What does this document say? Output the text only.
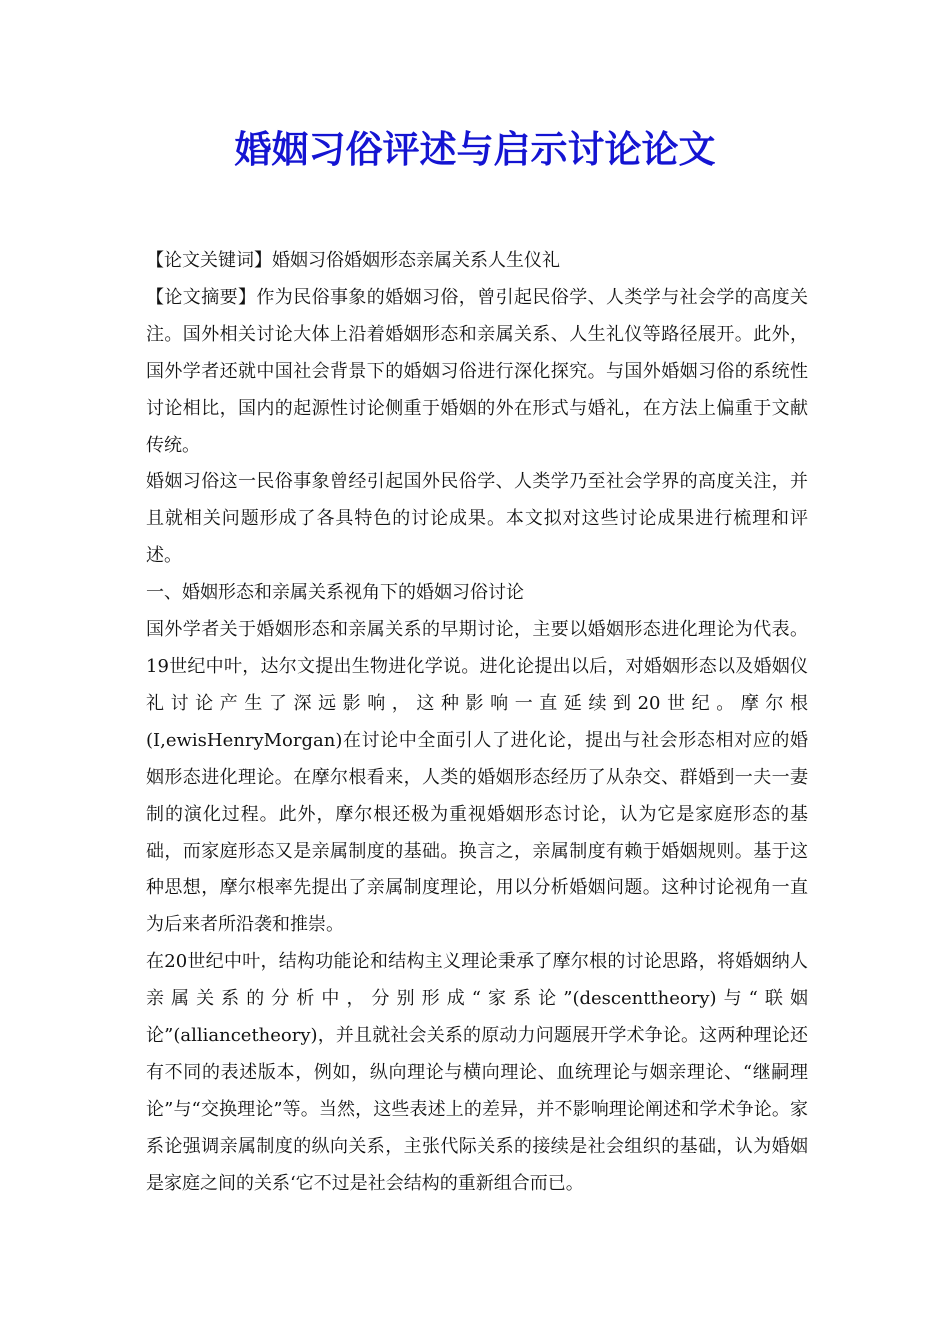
婚姻习俗评述与启示讨论论文

【论文关键词】婚姻习俗婚姻形态亲属关系人生仪礼

【论文摘要】作为民俗事象的婚姻习俗，曾引起民俗学、人类学与社会学的高度关注。国外相关讨论大体上沿着婚姻形态和亲属关系、人生礼仪等路径展开。此外，国外学者还就中国社会背景下的婚姻习俗进行深化探究。与国外婚姻习俗的系统性讨论相比，国内的起源性讨论侧重于婚姻的外在形式与婚礼，在方法上偏重于文献传统。

婚姻习俗这一民俗事象曾经引起国外民俗学、人类学乃至社会学界的高度关注，并且就相关问题形成了各具特色的讨论成果。本文拟对这些讨论成果进行梳理和评述。

一、婚姻形态和亲属关系视角下的婚姻习俗讨论

国外学者关于婚姻形态和亲属关系的早期讨论，主要以婚姻形态进化理论为代表。19世纪中叶，达尔文提出生物进化学说。进化论提出以后，对婚姻形态以及婚姻仪礼讨论产生了深远影响，这种影响一直延续到20世纪。摩尔根(I,ewisHenryMorgan)在讨论中全面引人了进化论，提出与社会形态相对应的婚姻形态进化理论。在摩尔根看来，人类的婚姻形态经历了从杂交、群婚到一夫一妻制的演化过程。此外，摩尔根还极为重视婚姻形态讨论，认为它是家庭形态的基础，而家庭形态又是亲属制度的基础。换言之，亲属制度有赖于婚姻规则。基于这种思想，摩尔根率先提出了亲属制度理论，用以分析婚姻问题。这种讨论视角一直为后来者所沿袭和推崇。

在20世纪中叶，结构功能论和结构主义理论秉承了摩尔根的讨论思路，将婚姻纳人亲属关系的分析中，分别形成“家系论”(descenttheory)与“联姻论”(alliancetheory)，并且就社会关系的原动力问题展开学术争论。这两种理论还有不同的表述版本，例如，纵向理论与横向理论、血统理论与姻亲理论、“继嗣理论”与“交换理论”等。当然，这些表述上的差异，并不影响理论阐述和学术争论。家系论强调亲属制度的纵向关系，主张代际关系的接续是社会组织的基础，认为婚姻是家庭之间的关系‘它不过是社会结构的重新组合而已。
